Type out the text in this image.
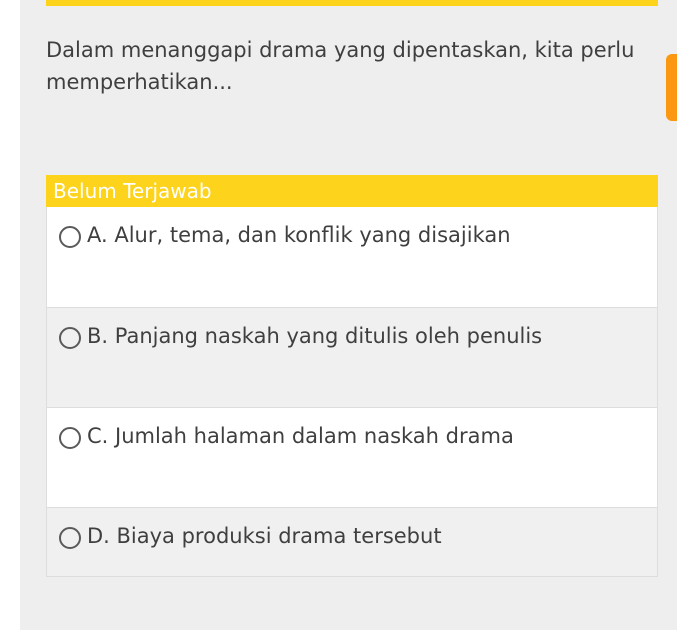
Dalam menanggapi drama yang dipentaskan, kita perlu memperhatikan...
Belum Terjawab
A. Alur, tema, dan konflik yang disajikan
B. Panjang naskah yang ditulis oleh penulis
C. Jumlah halaman dalam naskah drama
D. Biaya produksi drama tersebut
